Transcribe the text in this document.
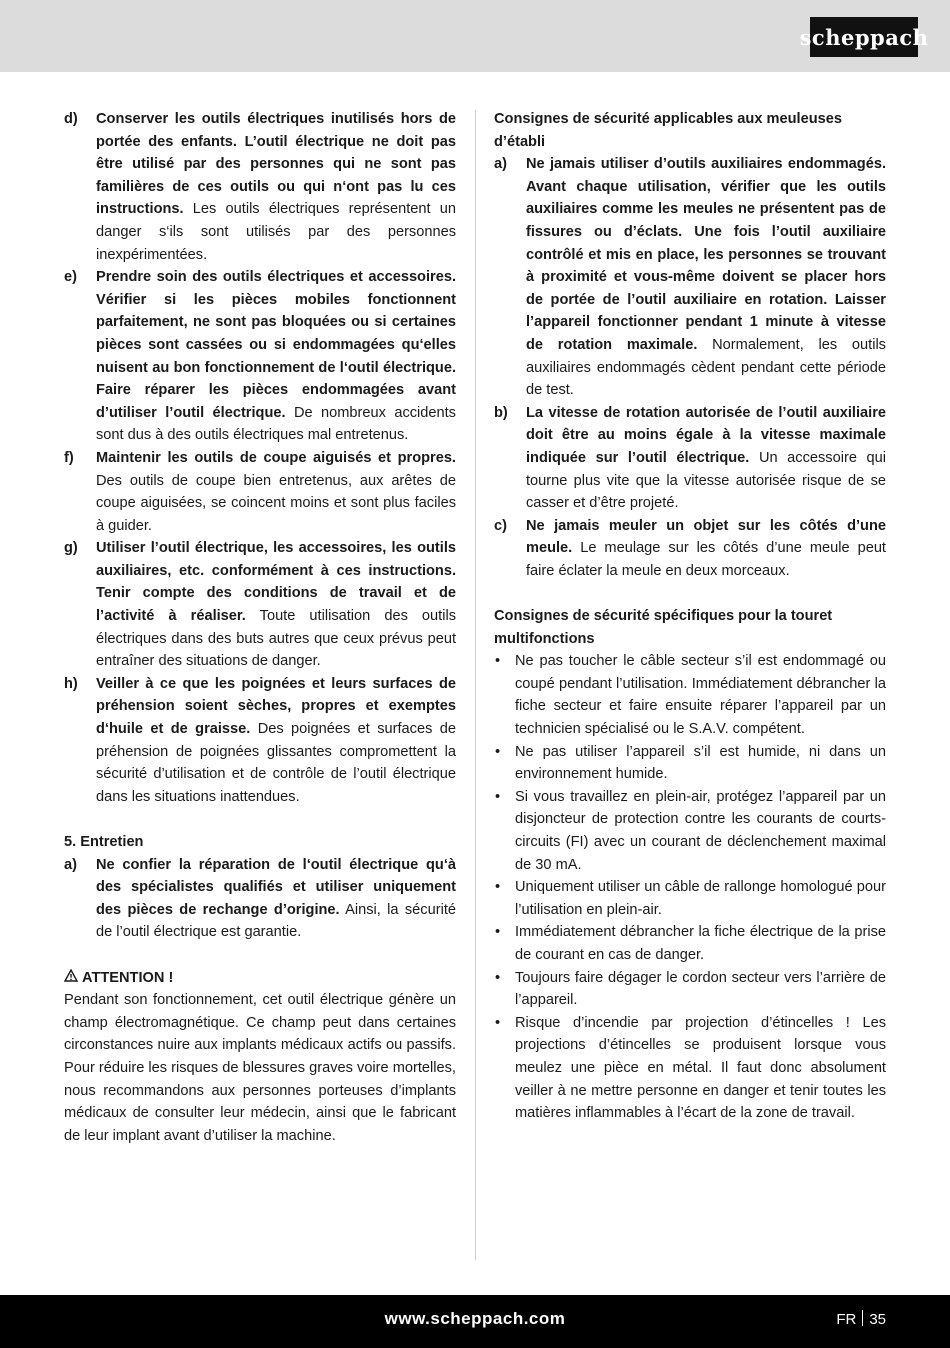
scheppach
d)	Conserver les outils électriques inutilisés hors de portée des enfants. L’outil électrique ne doit pas être utilisé par des personnes qui ne sont pas familières de ces outils ou qui n‘ont pas lu ces instructions. Les outils électriques représentent un danger s‘ils sont utilisés par des personnes inexpérimentées.
e)	Prendre soin des outils électriques et accessoires. Vérifier si les pièces mobiles fonctionnent parfaitement, ne sont pas bloquées ou si certaines pièces sont cassées ou si endommagées qu‘elles nuisent au bon fonctionnement de l‘outil électrique. Faire réparer les pièces endommagées avant d’utiliser l’outil électrique. De nombreux accidents sont dus à des outils électriques mal entretenus.
f)	Maintenir les outils de coupe aiguisés et propres. Des outils de coupe bien entretenus, aux arêtes de coupe aiguisées, se coincent moins et sont plus faciles à guider.
g)	Utiliser l’outil électrique, les accessoires, les outils auxiliaires, etc. conformément à ces instructions. Tenir compte des conditions de travail et de l’activité à réaliser. Toute utilisation des outils électriques dans des buts autres que ceux prévus peut entraîner des situations de danger.
h)	Veiller à ce que les poignées et leurs surfaces de préhension soient sèches, propres et exemptes d‘huile et de graisse. Des poignées et surfaces de préhension de poignées glissantes compromettent la sécurité d’utilisation et de contrôle de l’outil électrique dans les situations inattendues.
5. Entretien
a)	Ne confier la réparation de l‘outil électrique qu‘à des spécialistes qualifiés et utiliser uniquement des pièces de rechange d’origine. Ainsi, la sécurité de l’outil électrique est garantie.
ATTENTION !
Pendant son fonctionnement, cet outil électrique génère un champ électromagnétique. Ce champ peut dans certaines circonstances nuire aux implants médicaux actifs ou passifs. Pour réduire les risques de blessures graves voire mortelles, nous recommandons aux personnes porteuses d’implants médicaux de consulter leur médecin, ainsi que le fabricant de leur implant avant d’utiliser la machine.
Consignes de sécurité applicables aux meuleuses d’établi
a)	Ne jamais utiliser d’outils auxiliaires endommagés. Avant chaque utilisation, vérifier que les outils auxiliaires comme les meules ne présentent pas de fissures ou d’éclats. Une fois l’outil auxiliaire contrôlé et mis en place, les personnes se trouvant à proximité et vous-même doivent se placer hors de portée de l’outil auxiliaire en rotation. Laisser l’appareil fonctionner pendant 1 minute à vitesse de rotation maximale. Normalement, les outils auxiliaires endommagés cèdent pendant cette période de test.
b)	La vitesse de rotation autorisée de l’outil auxiliaire doit être au moins égale à la vitesse maximale indiquée sur l’outil électrique. Un accessoire qui tourne plus vite que la vitesse autorisée risque de se casser et d’être projeté.
c)	Ne jamais meuler un objet sur les côtés d’une meule. Le meulage sur les côtés d’une meule peut faire éclater la meule en deux morceaux.
Consignes de sécurité spécifiques pour la touret multifonctions
•	Ne pas toucher le câble secteur s’il est endommagé ou coupé pendant l’utilisation. Immédiatement débrancher la fiche secteur et faire ensuite réparer l’appareil par un technicien spécialisé ou le S.A.V. compétent.
•	Ne pas utiliser l’appareil s’il est humide, ni dans un environnement humide.
•	Si vous travaillez en plein-air, protégez l’appareil par un disjoncteur de protection contre les courants de courts-circuits (FI) avec un courant de déclenchement maximal de 30 mA.
•	Uniquement utiliser un câble de rallonge homologué pour l’utilisation en plein-air.
•	Immédiatement débrancher la fiche électrique de la prise de courant en cas de danger.
•	Toujours faire dégager le cordon secteur vers l’arrière de l’appareil.
•	Risque d’incendie par projection d’étincelles ! Les projections d’étincelles se produisent lorsque vous meulez une pièce en métal. Il faut donc absolument veiller à ne mettre personne en danger et tenir toutes les matières inflammables à l’écart de la zone de travail.
www.scheppach.com	FR 35
